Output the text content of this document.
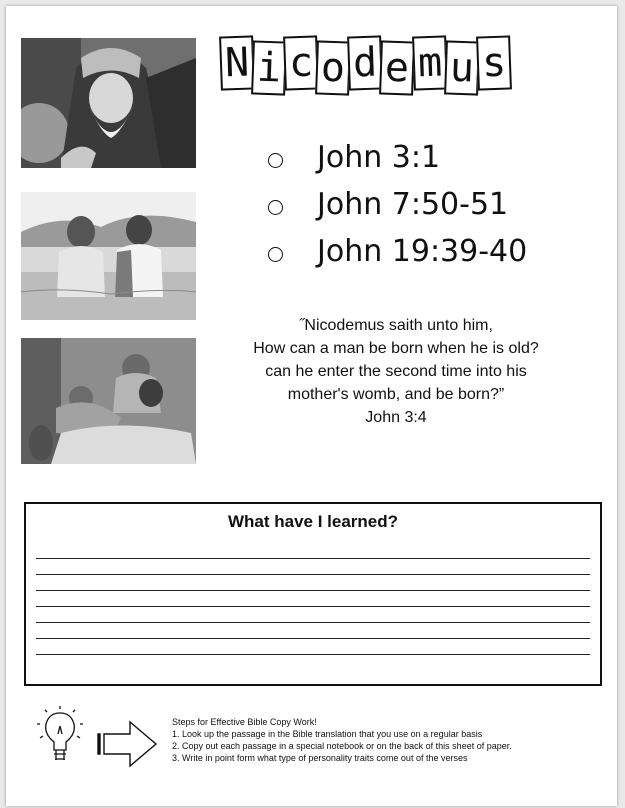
N i c o d e m u s
John 3:1
John 7:50-51
John 19:39-40
˝Nicodemus saith unto him,
How can a man be born when he is old?
can he enter the second time into his
mother's womb, and be born?”
John 3:4
What have I learned?
Steps for Effective Bible Copy Work!
1. Look up the passage in the Bible translation that you use on a regular basis
2. Copy out each passage in a special notebook or on the back of this sheet of paper.
3. Write in point form what type of personality traits come out of the verses
